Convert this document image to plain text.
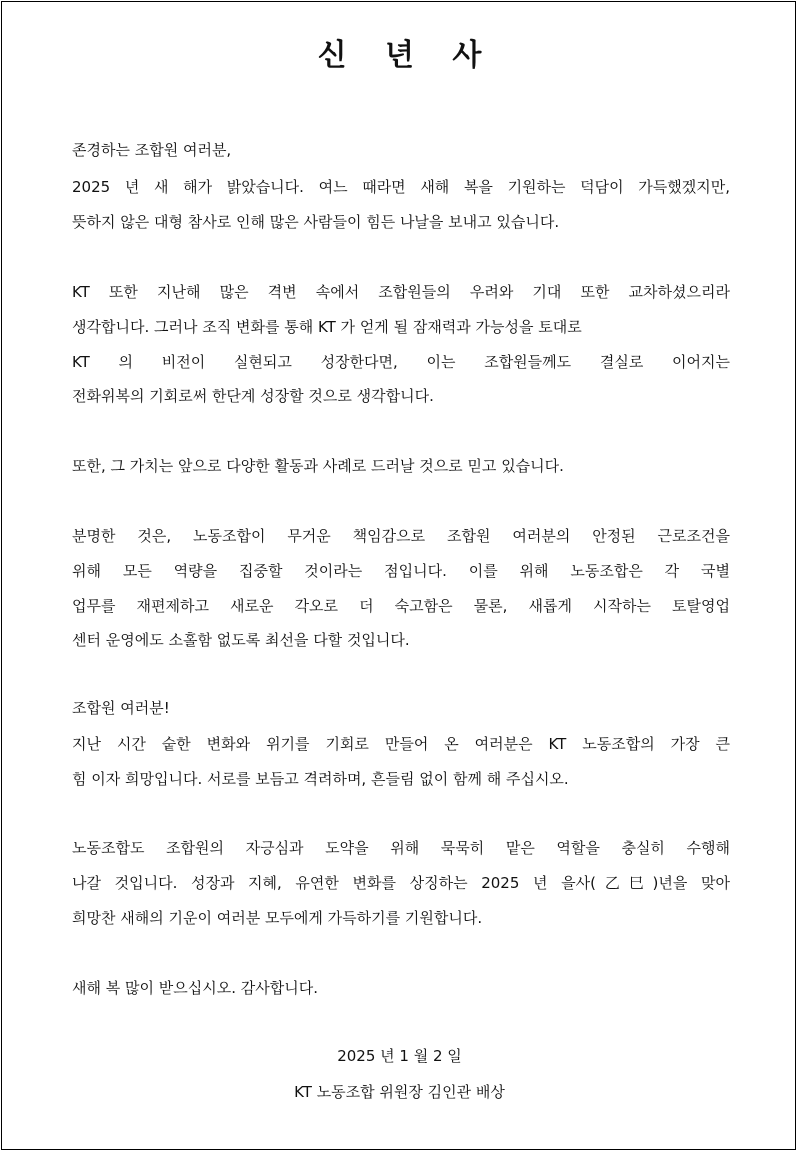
신 년 사
존경하는 조합원 여러분,
2025 년 새 해가 밝았습니다. 여느 때라면 새해 복을 기원하는 덕담이 가득했겠지만,
뜻하지 않은 대형 참사로 인해 많은 사람들이 힘든 나날을 보내고 있습니다.
KT 또한 지난해 많은 격변 속에서 조합원들의 우려와 기대 또한 교차하셨으리라
생각합니다. 그러나 조직 변화를 통해 KT 가 얻게 될 잠재력과 가능성을 토대로
KT 의 비전이 실현되고 성장한다면, 이는 조합원들께도 결실로 이어지는
전화위복의 기회로써 한단계 성장할 것으로 생각합니다.
또한, 그 가치는 앞으로 다양한 활동과 사례로 드러날 것으로 믿고 있습니다.
분명한 것은, 노동조합이 무거운 책임감으로 조합원 여러분의 안정된 근로조건을
위해 모든 역량을 집중할 것이라는 점입니다. 이를 위해 노동조합은 각 국별
업무를 재편제하고 새로운 각오로 더 숙고함은 물론, 새롭게 시작하는 토탈영업
센터 운영에도 소홀함 없도록 최선을 다할 것입니다.
조합원 여러분!
지난 시간 숱한 변화와 위기를 기회로 만들어 온 여러분은 KT 노동조합의 가장 큰
힘 이자 희망입니다. 서로를 보듬고 격려하며, 흔들림 없이 함께 해 주십시오.
노동조합도 조합원의 자긍심과 도약을 위해 묵묵히 맡은 역할을 충실히 수행해
나갈 것입니다. 성장과 지혜, 유연한 변화를 상징하는 2025 년 을사(乙巳)년을 맞아
희망찬 새해의 기운이 여러분 모두에게 가득하기를 기원합니다.
새해 복 많이 받으십시오. 감사합니다.
2025 년 1 월 2 일
KT 노동조합 위원장 김인관 배상
